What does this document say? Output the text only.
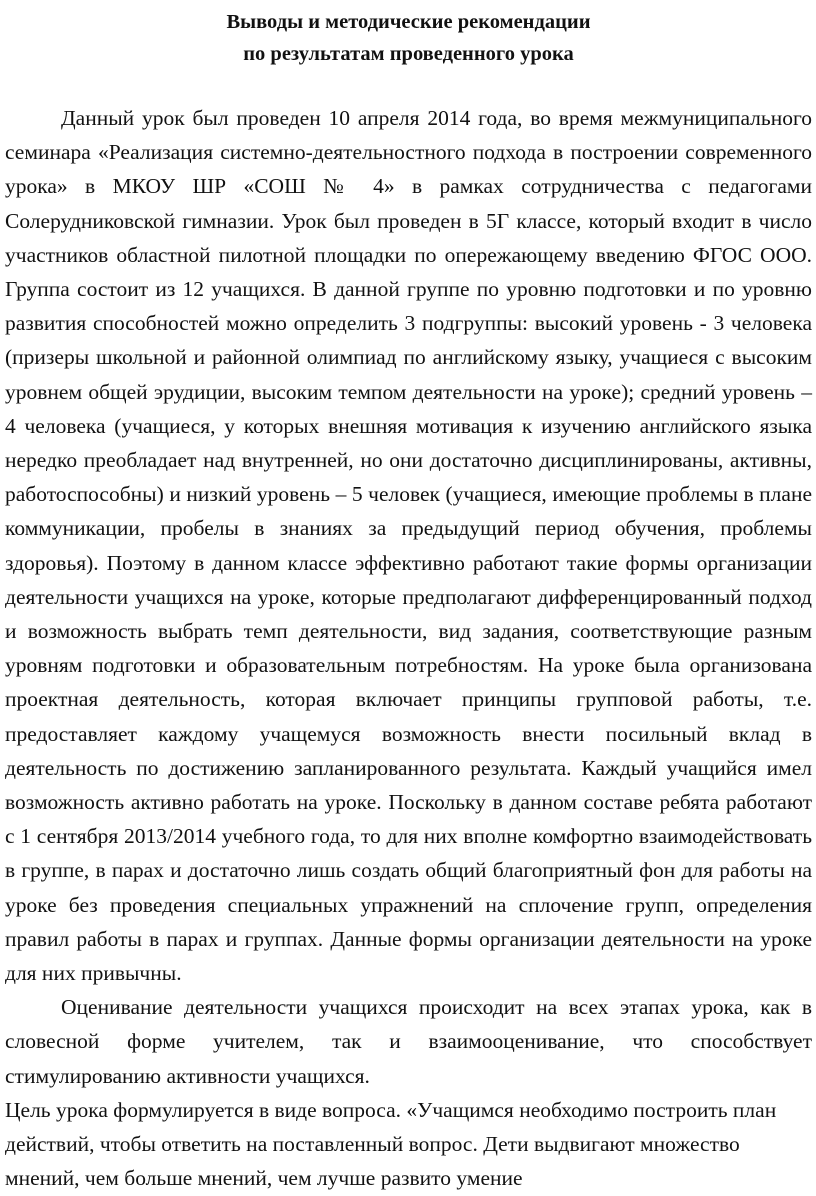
Выводы и методические рекомендации

по результатам проведенного урока

Данный урок был проведен 10 апреля 2014 года, во время межмуниципального семинара «Реализация системно-деятельностного подхода в построении современного урока» в МКОУ ШР «СОШ № 4» в рамках сотрудничества с педагогами Солерудниковской гимназии. Урок был проведен в 5Г классе, который входит в число участников областной пилотной площадки по опережающему введению ФГОС ООО. Группа состоит из 12 учащихся. В данной группе по уровню подготовки и по уровню развития способностей можно определить 3 подгруппы: высокий уровень - 3 человека (призеры школьной и районной олимпиад по английскому языку, учащиеся с высоким уровнем общей эрудиции, высоким темпом деятельности на уроке); средний уровень – 4 человека (учащиеся, у которых внешняя мотивация к изучению английского языка нередко преобладает над внутренней, но они достаточно дисциплинированы, активны, работоспособны) и низкий уровень – 5 человек (учащиеся, имеющие проблемы в плане коммуникации, пробелы в знаниях за предыдущий период обучения, проблемы здоровья). Поэтому в данном классе эффективно работают такие формы организации деятельности учащихся на уроке, которые предполагают дифференцированный подход и возможность выбрать темп деятельности, вид задания, соответствующие разным уровням подготовки и образовательным потребностям. На уроке была организована проектная деятельность, которая включает принципы групповой работы, т.е. предоставляет каждому учащемуся возможность внести посильный вклад в деятельность по достижению запланированного результата. Каждый учащийся имел возможность активно работать на уроке. Поскольку в данном составе ребята работают с 1 сентября 2013/2014 учебного года, то для них вполне комфортно взаимодействовать в группе, в парах и достаточно лишь создать общий благоприятный фон для работы на уроке без проведения специальных упражнений на сплочение групп, определения правил работы в парах и группах. Данные формы организации деятельности на уроке для них привычны.

Оценивание деятельности учащихся происходит на всех этапах урока, как в словесной форме учителем, так и взаимооценивание, что способствует стимулированию активности учащихся.

Цель урока формулируется в виде вопроса. «Учащимся необходимо построить план действий, чтобы ответить на поставленный вопрос. Дети выдвигают множество мнений, чем больше мнений, чем лучше развито умение
